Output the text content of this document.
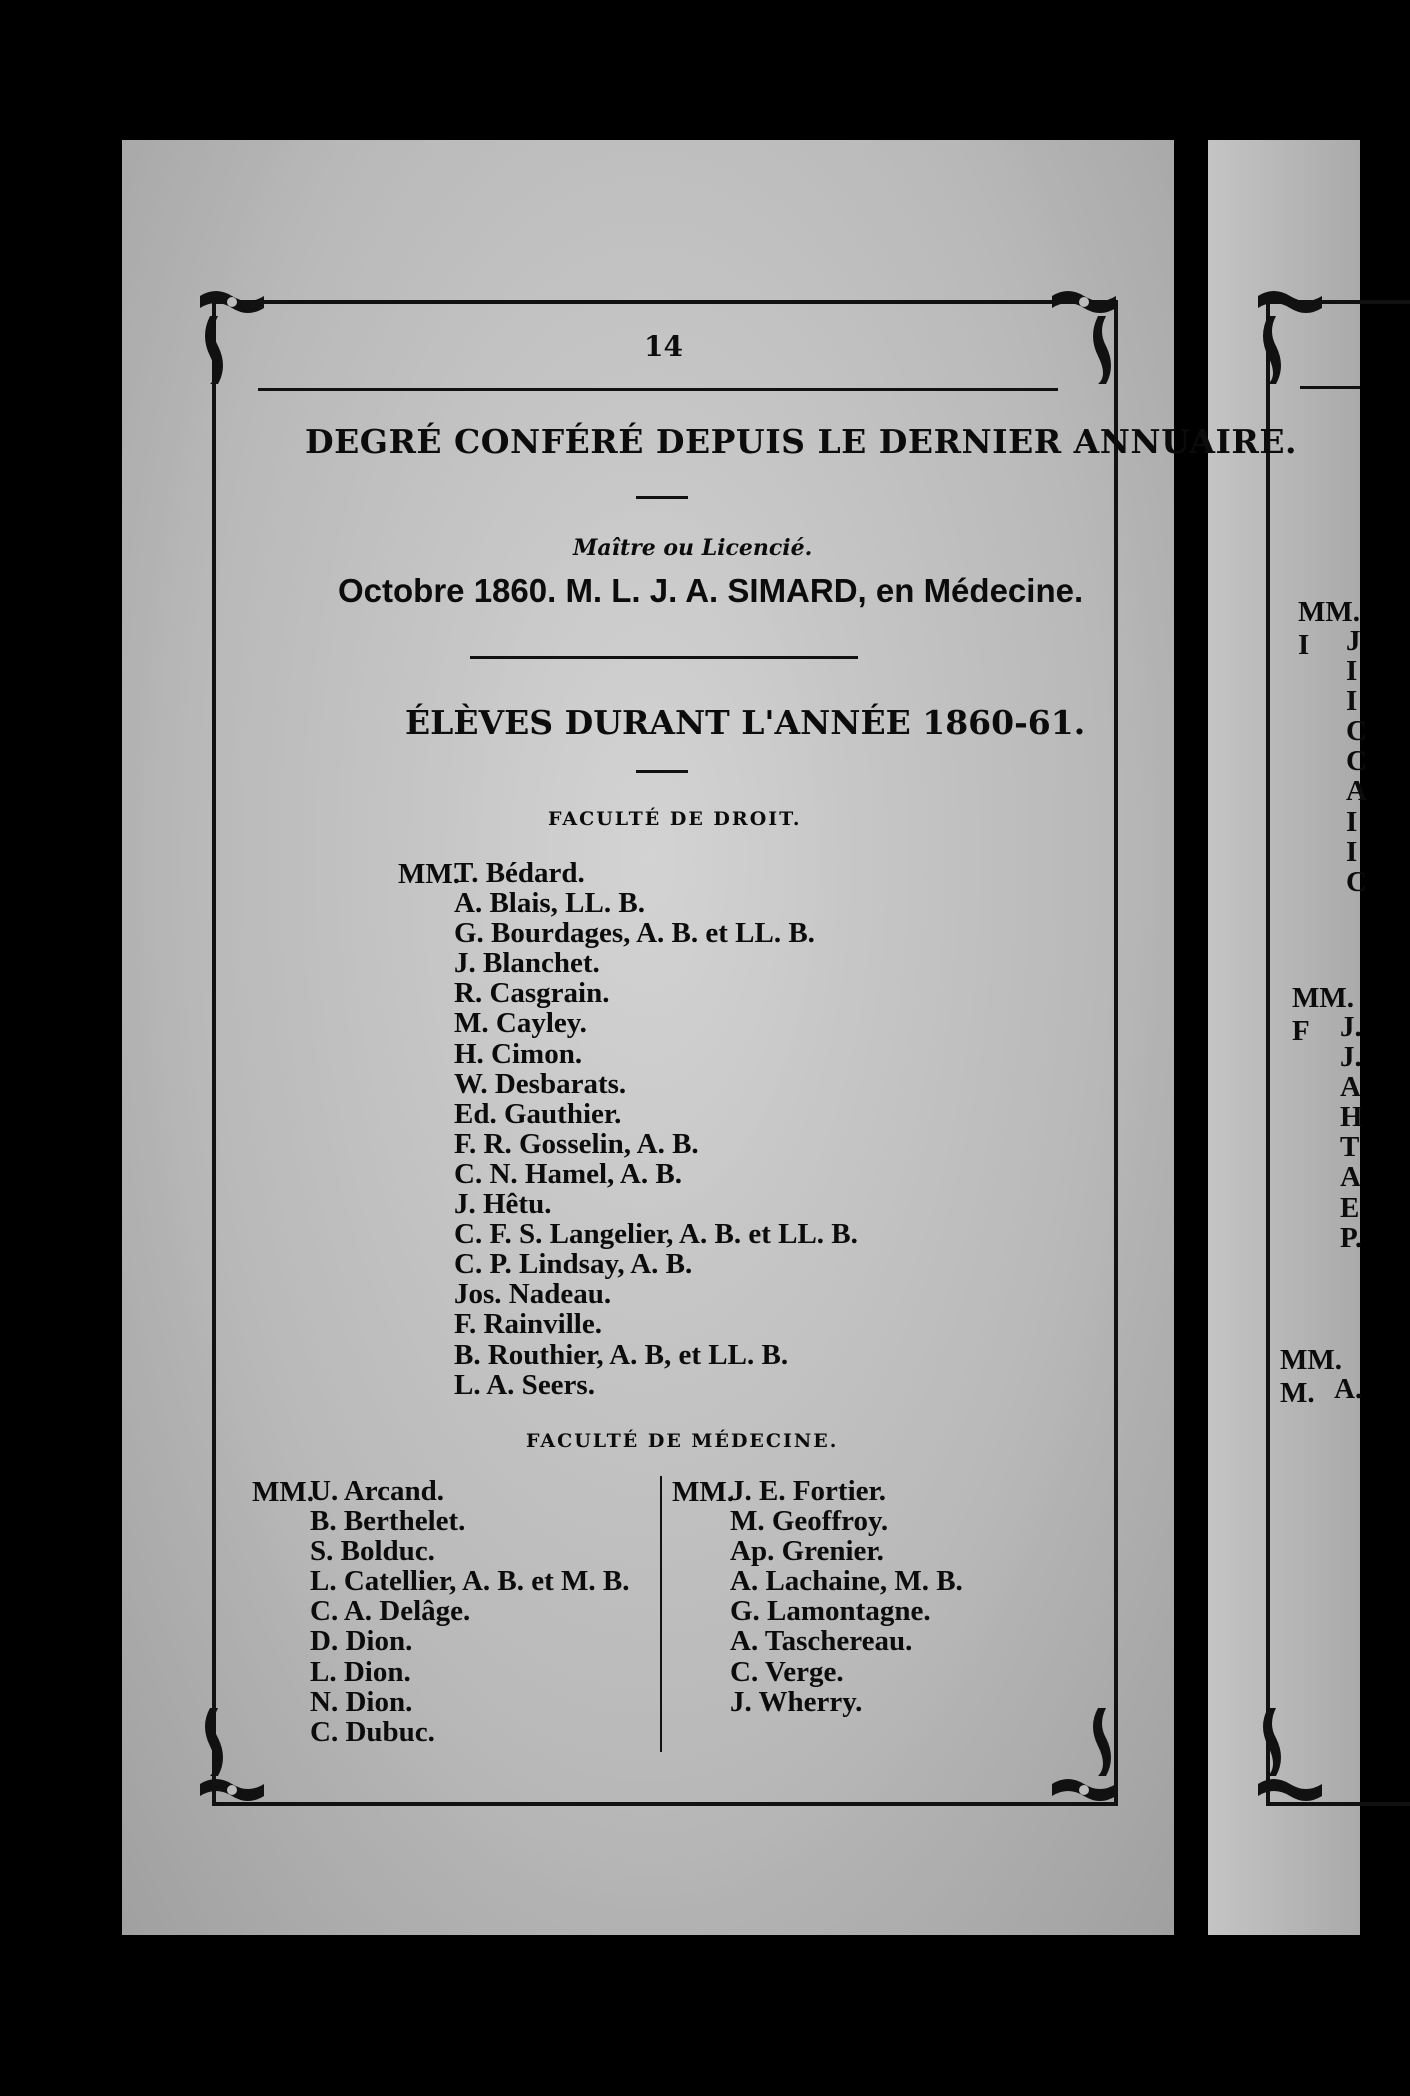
14
DEGRÉ CONFÉRÉ DEPUIS LE DERNIER ANNUAIRE.
Maître ou Licencié.
Octobre 1860. M. L. J. A. SIMARD, en Médecine.
ÉLÈVES DURANT L'ANNÉE 1860-61.
FACULTÉ DE DROIT.
MM.
T. Bédard.
A. Blais, LL. B.
G. Bourdages, A. B. et LL. B.
J. Blanchet.
R. Casgrain.
M. Cayley.
H. Cimon.
W. Desbarats.
Ed. Gauthier.
F. R. Gosselin, A. B.
C. N. Hamel, A. B.
J. Hêtu.
C. F. S. Langelier, A. B. et LL. B.
C. P. Lindsay, A. B.
Jos. Nadeau.
F. Rainville.
B. Routhier, A. B, et LL. B.
L. A. Seers.
FACULTÉ DE MÉDECINE.
MM.
U. Arcand.
B. Berthelet.
S. Bolduc.
L. Catellier, A. B. et M. B.
C. A. Delâge.
D. Dion.
L. Dion.
N. Dion.
C. Dubuc.
MM.
J. E. Fortier.
M. Geoffroy.
Ap. Grenier.
A. Lachaine, M. B.
G. Lamontagne.
A. Taschereau.
C. Verge.
J. Wherry.
MM. I	J
I
I
C
C
A
I
I
C
MM. F	J.
J.
A
H
T
A
E
P.
MM. M. A.
